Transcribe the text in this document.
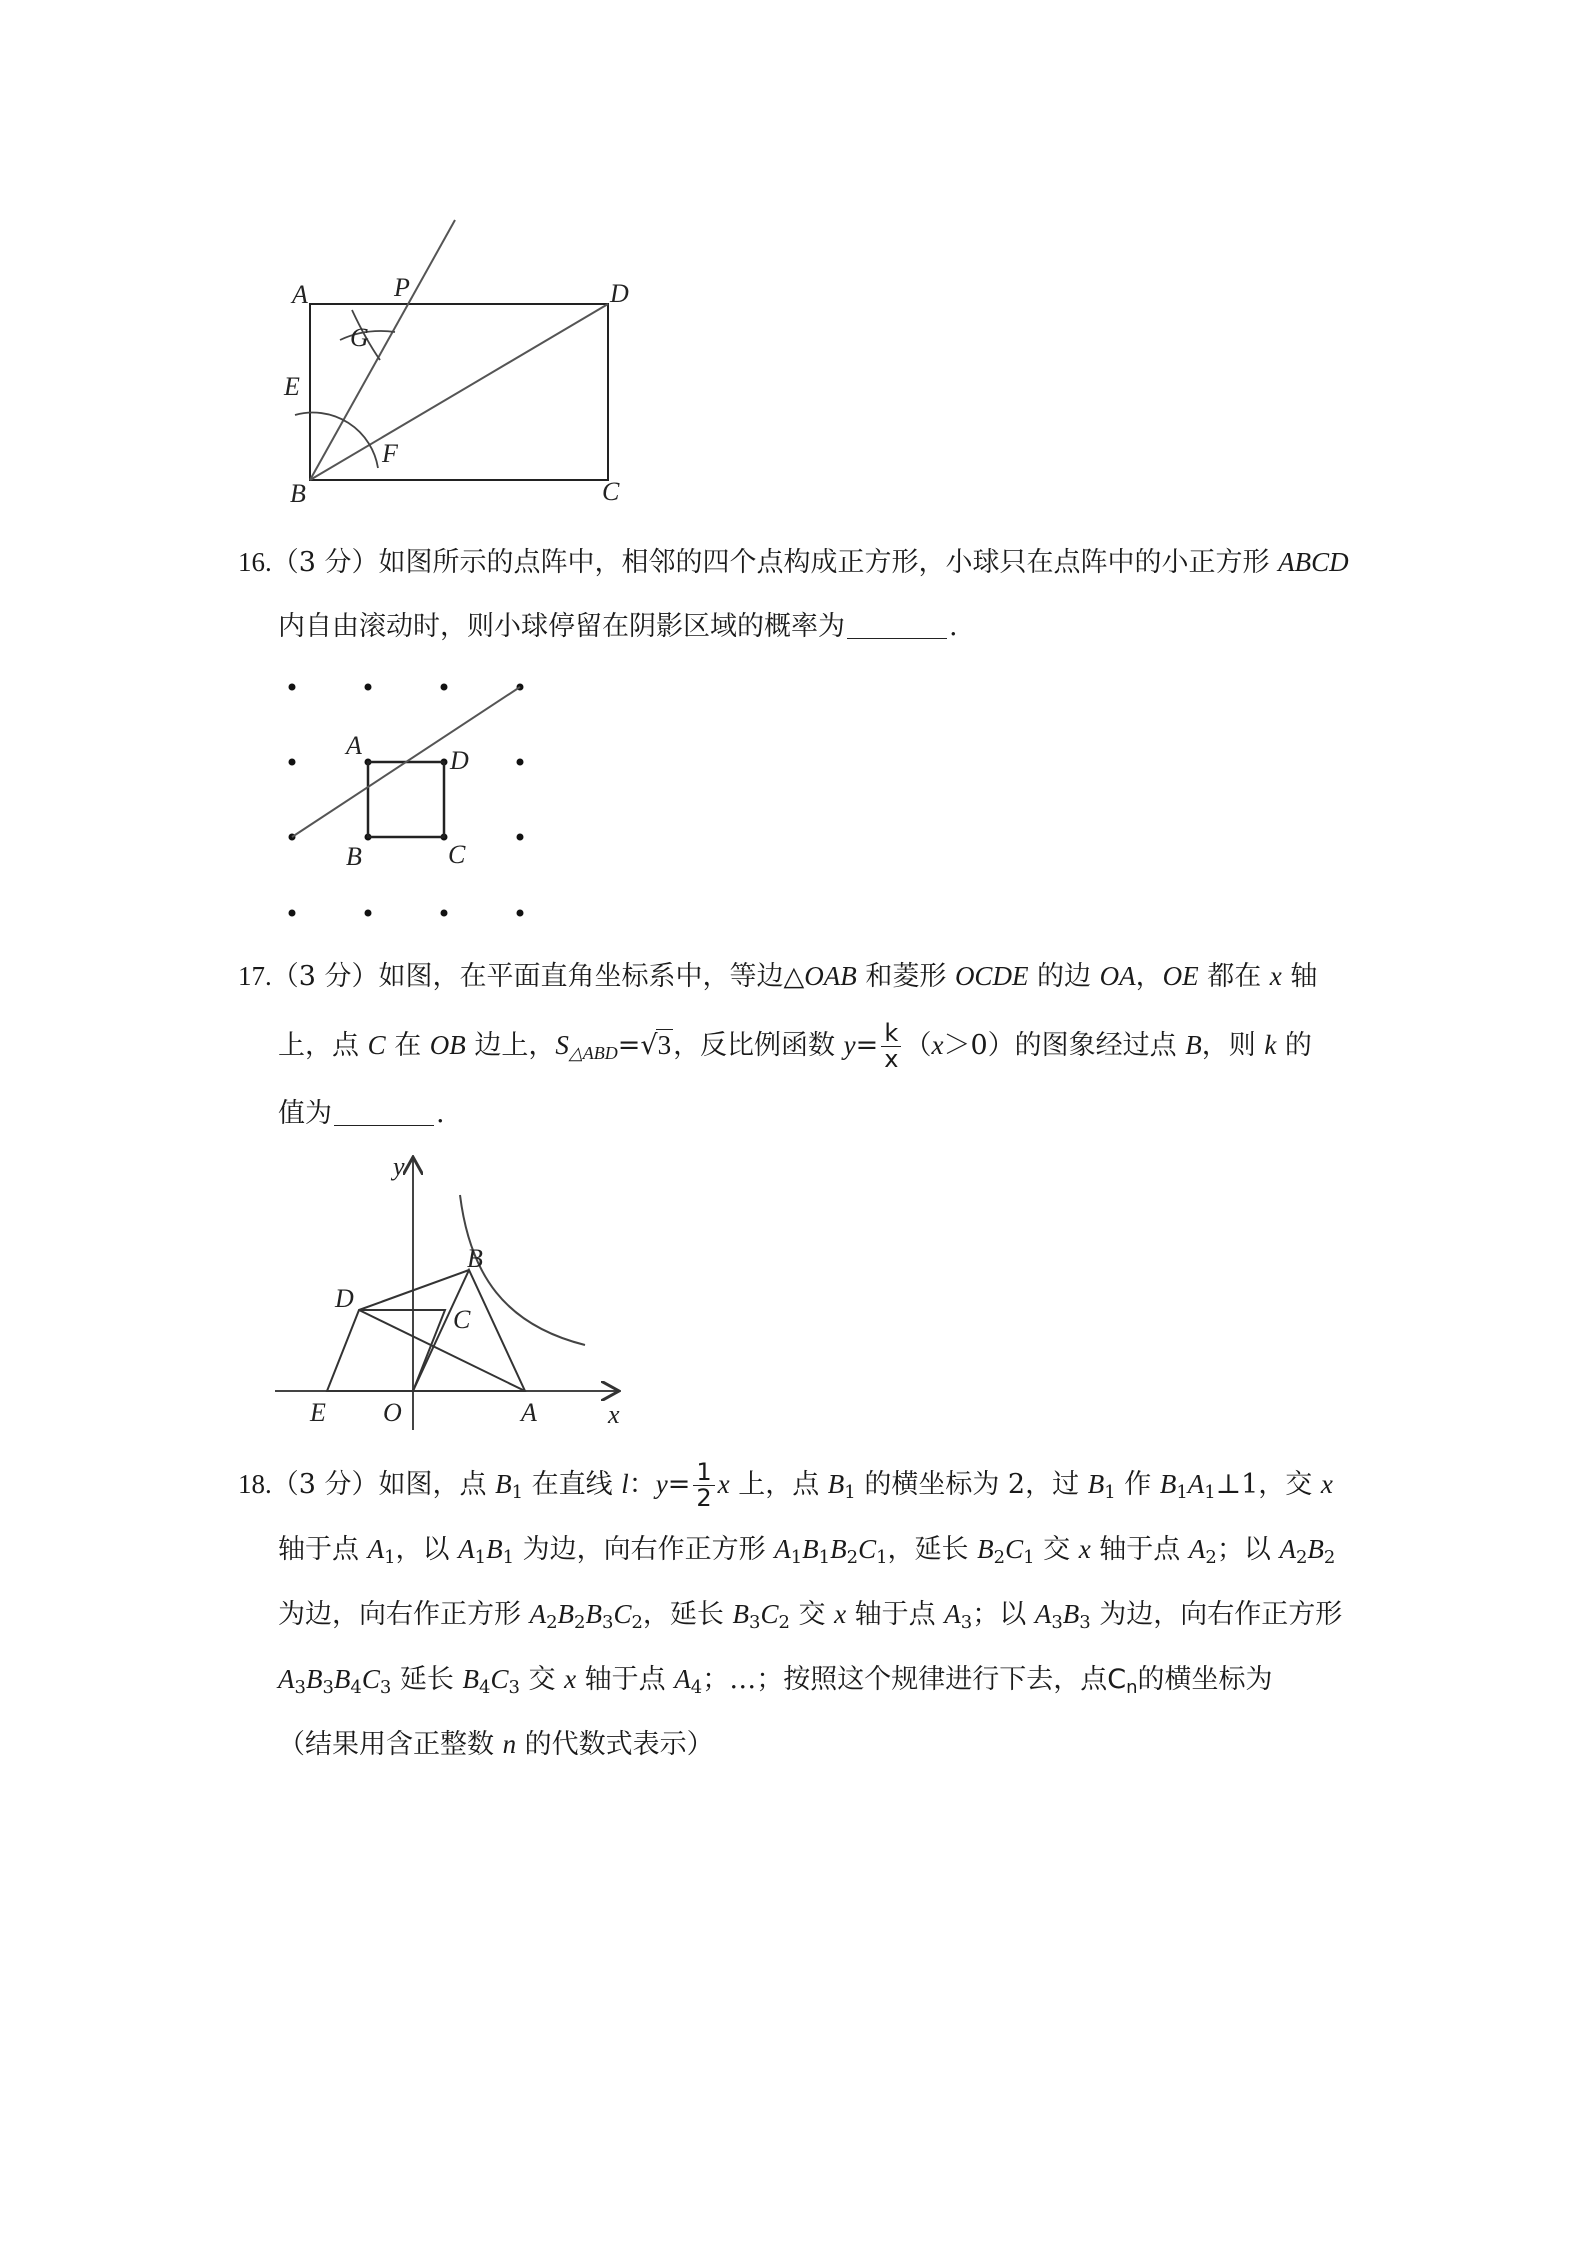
A	P	D
G
E
F
B	C
16.（3 分）如图所示的点阵中，相邻的四个点构成正方形，小球只在点阵中的小正方形 ABCD
内自由滚动时，则小球停留在阴影区域的概率为	.
A
D
B	C
17.（3 分）如图，在平面直角坐标系中，等边△OAB 和菱形 OCDE 的边 OA，OE 都在 x 轴
上，点 C 在 OB 边上，$S_{\triangle ABD}=√3$，反比例函数 $y= \frac{k}{x} (x>0)$的图象经过点 B，则 k 的
值为	.
y
B
D
C
E O	A	x
18.（3 分）如图，点 $B_1$ 在直线 l：$y= \frac{1}{2}$ x 上，点 $B_1$ 的横坐标为 2，过 $B_1$ 作 $B_1A_1\perp 1$，交 x
轴于点 $A_1$，以 $A_1B_1$ 为边，向右作正方形 $A_1B_1B_2C_1$，延长 $B_2C_1$ 交 x 轴于点 $A_2$；以 $A_2B_2$
为边，向右作正方形 $A_2B_2B_3C_2$，延长 $B_3C_2$ 交 x 轴于点 $A_3$；以 $A_3B_3$ 为边，向右作正方形
$A_3B_3B_4C_3$ 延长 $B_4C_3$ 交 x 轴于点 $A_4$；…；按照这个规律进行下去，点$C_n$的横坐标为
（结果用含正整数 n 的代数式表示）
